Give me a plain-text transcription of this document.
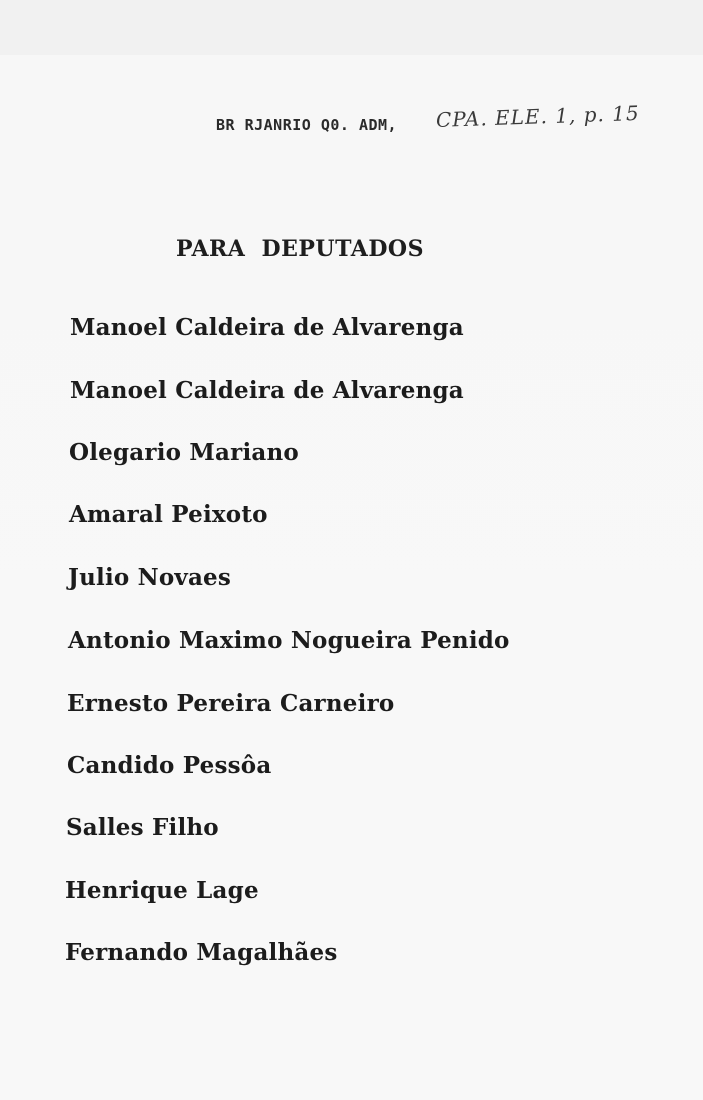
BR RJANRIO Q0. ADM, CPA. ELE. 1, p. 15
PARA DEPUTADOS
Manoel Caldeira de Alvarenga
Manoel Caldeira de Alvarenga
Olegario Mariano
Amaral Peixoto
Julio Novaes
Antonio Maximo Nogueira Penido
Ernesto Pereira Carneiro
Candido Pessôa
Salles Filho
Henrique Lage
Fernando Magalhães
